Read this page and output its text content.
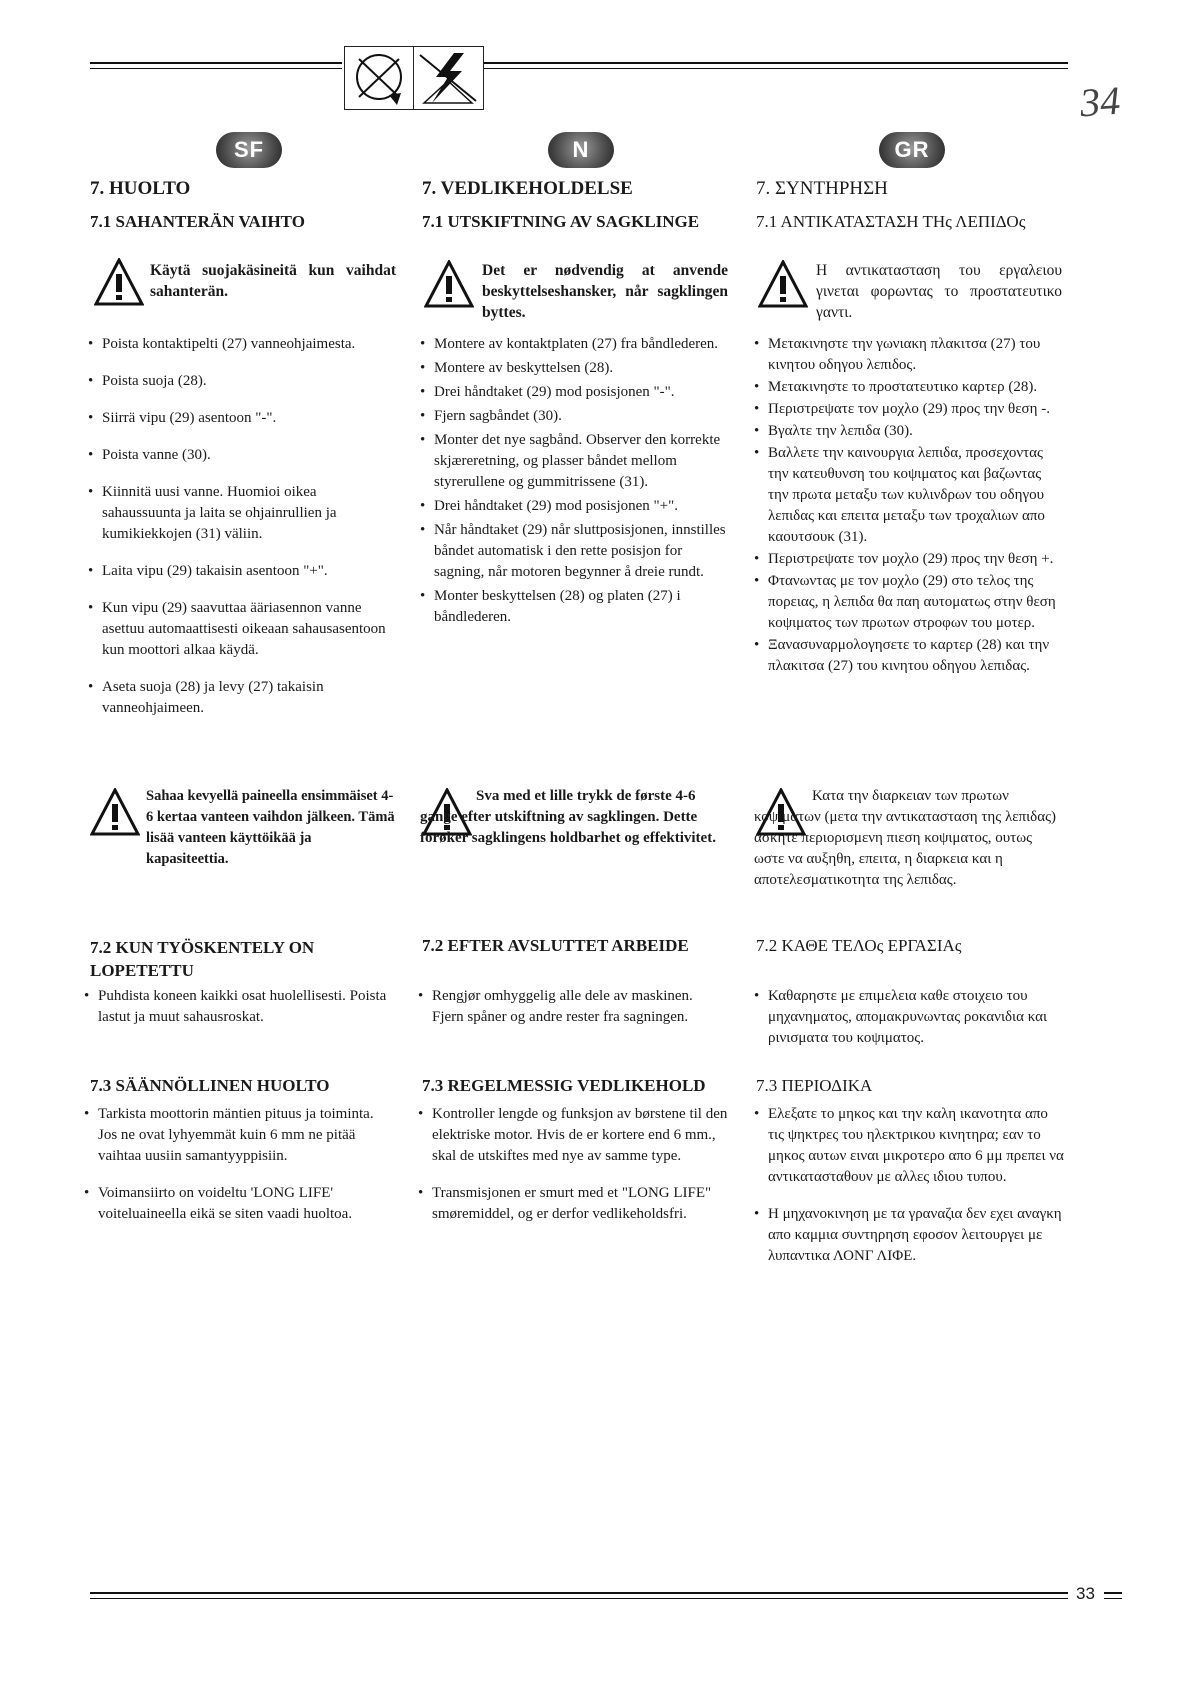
34
SF	N	GR
7. HUOLTO
7.1 SAHANTERÄN VAIHTO
Käytä suojakäsineitä kun vaihdat sahanterän.
• Poista kontaktipelti (27) vanneohjaimesta.
• Poista suoja (28).
• Siirrä vipu (29) asentoon "-".
• Poista vanne (30).
• Kiinnitä uusi vanne. Huomioi oikea sahaussuunta ja laita se ohjainrullien ja kumikiekkojen (31) väliin.
• Laita vipu (29) takaisin asentoon "+".
• Kun vipu (29) saavuttaa ääriasennon vanne asettuu automaattisesti oikeaan sahausasentoon kun moottori alkaa käydä.
• Aseta suoja (28) ja levy (27) takaisin vanneohjaimeen.
Sahaa kevyellä paineella ensimmäiset 4-6 kertaa vanteen vaihdon jälkeen. Tämä lisää vanteen käyttöikää ja kapasiteettia.
7.2 KUN TYÖSKENTELY ON LOPETETTU
• Puhdista koneen kaikki osat huolellisesti. Poista lastut ja muut sahausroskat.
7.3 SÄÄNNÖLLINEN HUOLTO
• Tarkista moottorin mäntien pituus ja toiminta. Jos ne ovat lyhyemmät kuin 6 mm ne pitää vaihtaa uusiin samantyyppisiin.
• Voimansiirto on voideltu 'LONG LIFE' voiteluaineella eikä se siten vaadi huoltoa.
7. VEDLIKEHOLDELSE
7.1 UTSKIFTNING AV SAGKLINGE
Det er nødvendig at anvende beskyttelseshansker, når sagklingen byttes.
• Montere av kontaktplaten (27) fra båndlederen.
• Montere av beskyttelsen (28).
• Drei håndtaket (29) mod posisjonen "-".
• Fjern sagbåndet (30).
• Monter det nye sagbånd. Observer den korrekte skjæreretning, og plasser båndet mellom styrerullene og gummitrissene (31).
• Drei håndtaket (29) mod posisjonen "+".
• Når håndtaket (29) når sluttposisjonen, innstilles båndet automatisk i den rette posisjon for sagning, når motoren begynner å dreie rundt.
• Monter beskyttelsen (28) og platen (27) i båndlederen.
Sva med et lille trykk de første 4-6 gange efter utskiftning av sagklingen. Dette forøker sagklingens holdbarhet og effektivitet.
7.2 EFTER AVSLUTTET ARBEIDE
• Rengjør omhyggelig alle dele av maskinen. Fjern spåner og andre rester fra sagningen.
7.3 REGELMESSIG VEDLIKEHOLD
• Kontroller lengde og funksjon av børstene til den elektriske motor. Hvis de er kortere end 6 mm., skal de utskiftes med nye av samme type.
• Transmisjonen er smurt med et "LONG LIFE" smøremiddel, og er derfor vedlikeholdsfri.
7. ΣΥΝΤΗΡΗΣΗ
7.1 ΑΝΤΙΚΑΤΑΣΤΑΣΗ ΤΗς ΛΕΠΙΔΟς
Η αντικατασταση του εργαλειου γινεται φορωντας το προστατευτικο γαντι.
• Μετακινηστε την γωνιακη πλακιτσα (27) του κινητου οδηγου λεπιδος.
• Μετακινηστε το προστατευτικο καρτερ (28).
• Περιστρεψατε τον μοχλο (29) προς την θεση -.
• Βγαλτε την λεπιδα (30).
• Βαλλετε την καινουργια λεπιδα, προσεχοντας την κατευθυνση του κοψιματος και βαζωντας την πρωτα μεταξυ των κυλινδρων του οδηγου λεπιδας και επειτα μεταξυ των τροχαλιων απο καουτσουκ (31).
• Περιστρεψατε τον μοχλο (29) προς την θεση +.
• Φτανωντας με τον μοχλο (29) στο τελος της πορειας, η λεπιδα θα παη αυτοματως στην θεση κοψιματος των πρωτων στροφων του μοτερ.
• Ξανασυναρμολογησετε το καρτερ (28) και την πλακιτσα (27) του κινητου οδηγου λεπιδας.
Κατα την διαρκειαν των πρωτων κοψιματων (μετα την αντικατασταση της λεπιδας) ασκητε περιορισμενη πιεση κοψιματος, ουτως ωστε να αυξηθη, επειτα, η διαρκεια και η αποτελεσματικοτητα της λεπιδας.
7.2 ΚΑΘΕ ΤΕΛΟς ΕΡΓΑΣΙΑς
• Καθαρηστε με επιμελεια καθε στοιχειο του μηχανηματος, απομακρυνωντας ροκανιδια και ρινισματα του κοψιματος.
7.3 ΠΕΡΙΟΔΙΚΑ
• Ελεξατε το μηκος και την καλη ικανοτητα απο τις ψηκτρες του ηλεκτρικου κινητηρα; εαν το μηκος αυτων ειναι μικροτερο απο 6 μμ πρεπει να αντικατασταθουν με αλλες ιδιου τυπου.
• Η μηχανοκινηση με τα γραναζια δεν εχει αναγκη απο καμμια συντηρηση εφοσον λειτουργει με λυπαντικα ΛΟΝΓ ΛΙΦΕ.
33
